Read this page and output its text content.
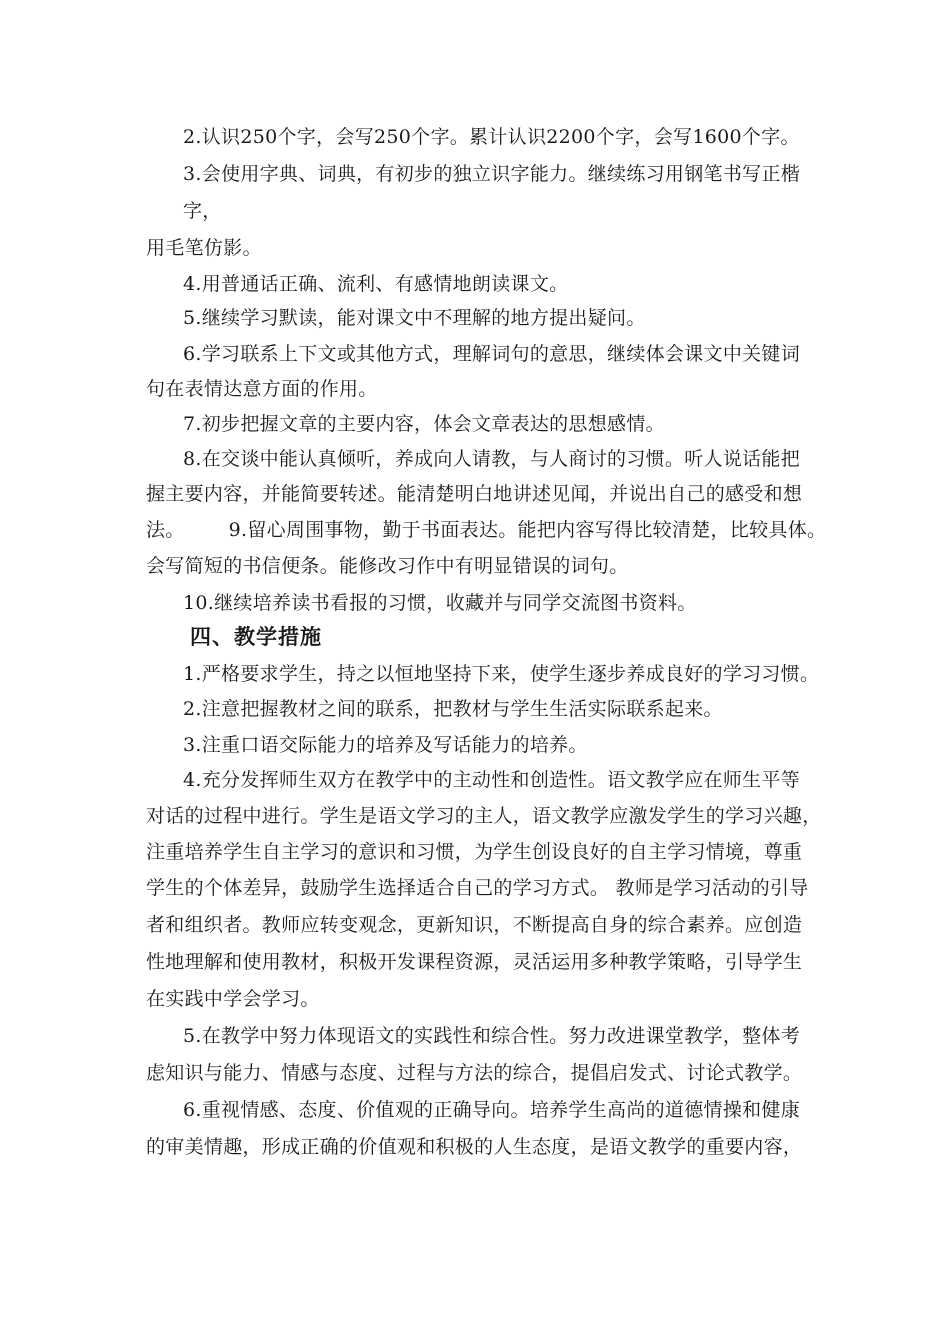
2.认识250个字，会写250个字。累计认识2200个字，会写1600个字。
3.会使用字典、词典，有初步的独立识字能力。继续练习用钢笔书写正楷
字，
用毛笔仿影。
4.用普通话正确、流利、有感情地朗读课文。
5.继续学习默读，能对课文中不理解的地方提出疑问。
6.学习联系上下文或其他方式，理解词句的意思，继续体会课文中关键词
句在表情达意方面的作用。
7.初步把握文章的主要内容，体会文章表达的思想感情。
8.在交谈中能认真倾听，养成向人请教，与人商讨的习惯。听人说话能把
握主要内容，并能简要转述。能清楚明白地讲述见闻，并说出自己的感受和想
法。 9.留心周围事物，勤于书面表达。能把内容写得比较清楚，比较具体。
会写简短的书信便条。能修改习作中有明显错误的词句。
10.继续培养读书看报的习惯，收藏并与同学交流图书资料。
四、教学措施
1.严格要求学生，持之以恒地坚持下来，使学生逐步养成良好的学习习惯。
2.注意把握教材之间的联系，把教材与学生生活实际联系起来。
3.注重口语交际能力的培养及写话能力的培养。
4.充分发挥师生双方在教学中的主动性和创造性。语文教学应在师生平等
对话的过程中进行。学生是语文学习的主人，语文教学应激发学生的学习兴趣，
注重培养学生自主学习的意识和习惯，为学生创设良好的自主学习情境，尊重
学生的个体差异，鼓励学生选择适合自己的学习方式。 教师是学习活动的引导
者和组织者。教师应转变观念，更新知识，不断提高自身的综合素养。应创造
性地理解和使用教材，积极开发课程资源，灵活运用多种教学策略，引导学生
在实践中学会学习。
5.在教学中努力体现语文的实践性和综合性。努力改进课堂教学，整体考
虑知识与能力、情感与态度、过程与方法的综合，提倡启发式、讨论式教学。
6.重视情感、态度、价值观的正确导向。培养学生高尚的道德情操和健康
的审美情趣，形成正确的价值观和积极的人生态度，是语文教学的重要内容，
